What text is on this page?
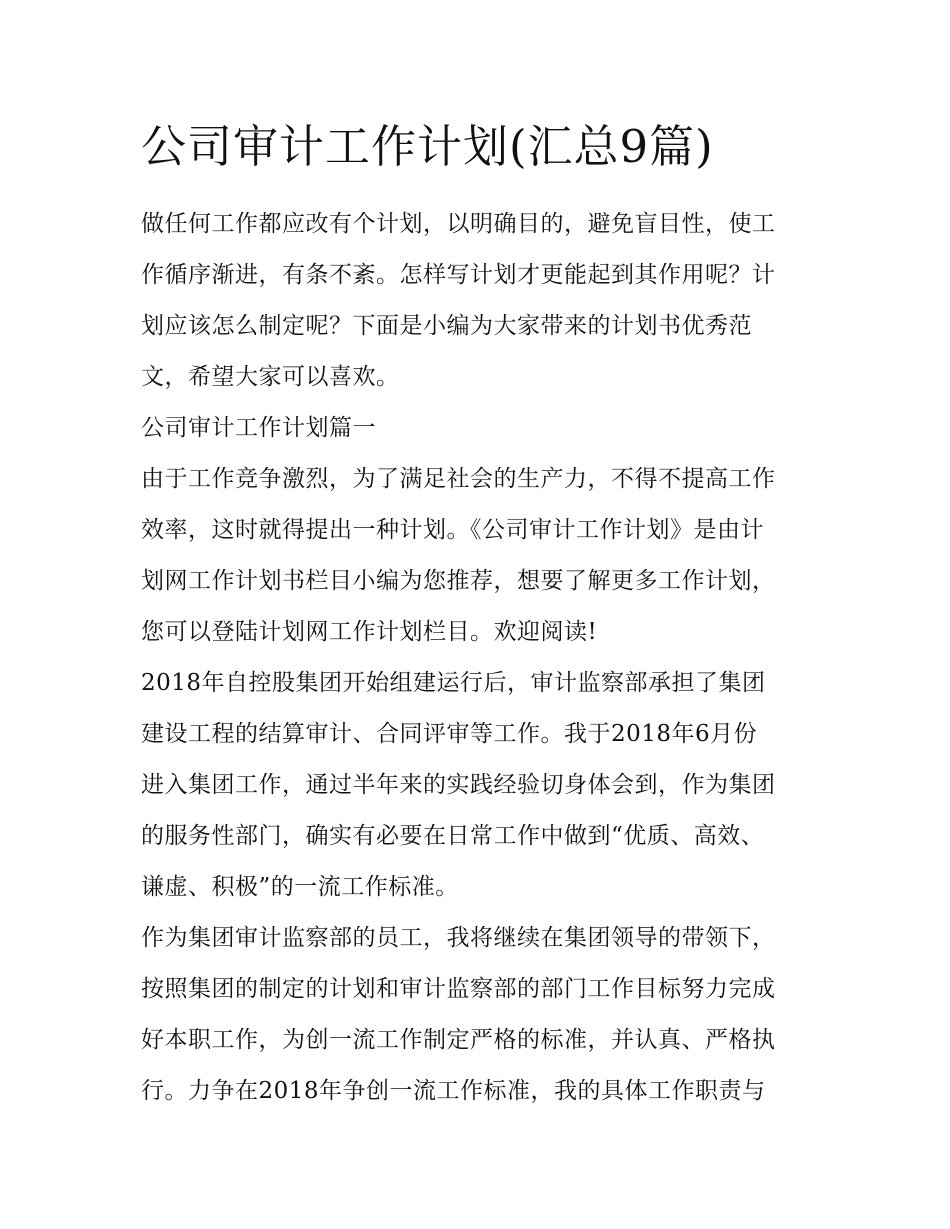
公司审计工作计划(汇总9篇)
做任何工作都应改有个计划，以明确目的，避免盲目性，使工
作循序渐进，有条不紊。怎样写计划才更能起到其作用呢？计
划应该怎么制定呢？下面是小编为大家带来的计划书优秀范
文，希望大家可以喜欢。
公司审计工作计划篇一
由于工作竞争激烈，为了满足社会的生产力，不得不提高工作
效率，这时就得提出一种计划。《公司审计工作计划》是由计
划网工作计划书栏目小编为您推荐，想要了解更多工作计划，
您可以登陆计划网工作计划栏目。欢迎阅读!
2018年自控股集团开始组建运行后，审计监察部承担了集团
建设工程的结算审计、合同评审等工作。我于2018年6月份
进入集团工作，通过半年来的实践经验切身体会到，作为集团
的服务性部门，确实有必要在日常工作中做到“优质、高效、
谦虚、积极”的一流工作标准。
作为集团审计监察部的员工，我将继续在集团领导的带领下，
按照集团的制定的计划和审计监察部的部门工作目标努力完成
好本职工作，为创一流工作制定严格的标准，并认真、严格执
行。力争在2018年争创一流工作标准，我的具体工作职责与
